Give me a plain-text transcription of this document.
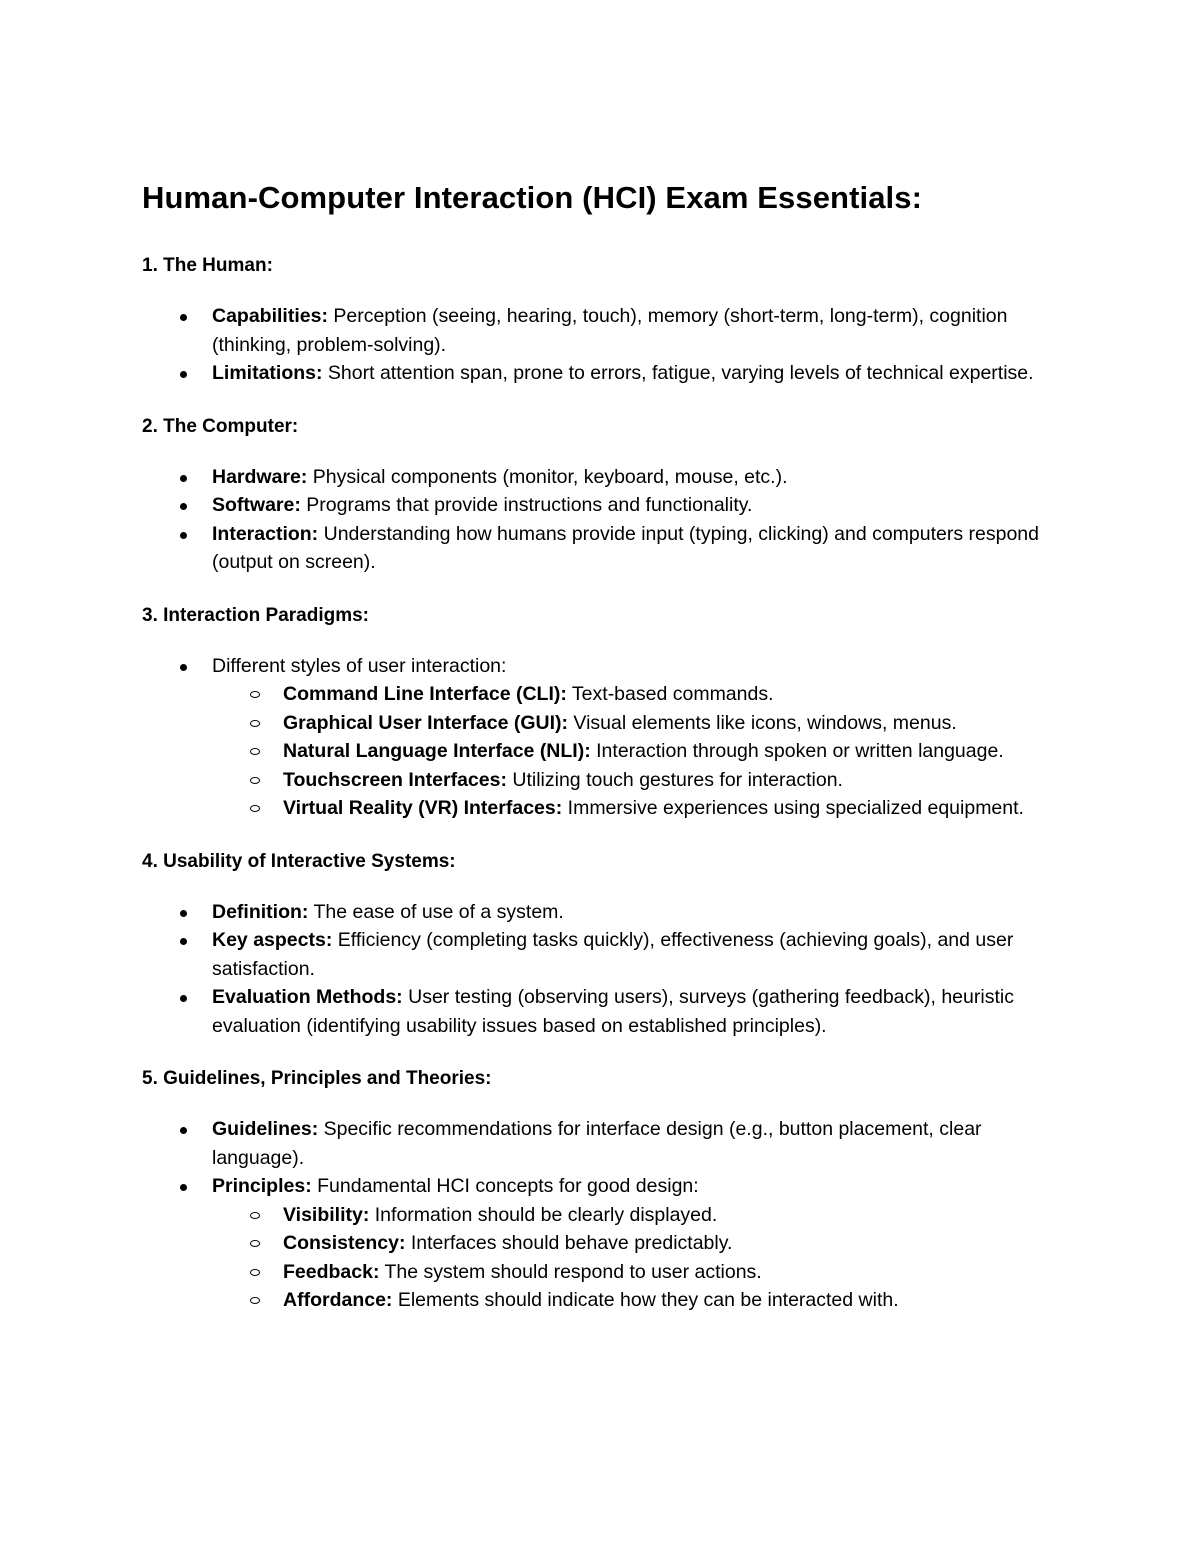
Human-Computer Interaction (HCI) Exam Essentials:

1. The Human:

Capabilities: Perception (seeing, hearing, touch), memory (short-term, long-term), cognition (thinking, problem-solving).
Limitations: Short attention span, prone to errors, fatigue, varying levels of technical expertise.

2. The Computer:

Hardware: Physical components (monitor, keyboard, mouse, etc.).
Software: Programs that provide instructions and functionality.
Interaction: Understanding how humans provide input (typing, clicking) and computers respond (output on screen).

3. Interaction Paradigms:

Different styles of user interaction:
Command Line Interface (CLI): Text-based commands.
Graphical User Interface (GUI): Visual elements like icons, windows, menus.
Natural Language Interface (NLI): Interaction through spoken or written language.
Touchscreen Interfaces: Utilizing touch gestures for interaction.
Virtual Reality (VR) Interfaces: Immersive experiences using specialized equipment.

4. Usability of Interactive Systems:

Definition: The ease of use of a system.
Key aspects: Efficiency (completing tasks quickly), effectiveness (achieving goals), and user satisfaction.
Evaluation Methods: User testing (observing users), surveys (gathering feedback), heuristic evaluation (identifying usability issues based on established principles).

5. Guidelines, Principles and Theories:

Guidelines: Specific recommendations for interface design (e.g., button placement, clear language).
Principles: Fundamental HCI concepts for good design:
Visibility: Information should be clearly displayed.
Consistency: Interfaces should behave predictably.
Feedback: The system should respond to user actions.
Affordance: Elements should indicate how they can be interacted with.
